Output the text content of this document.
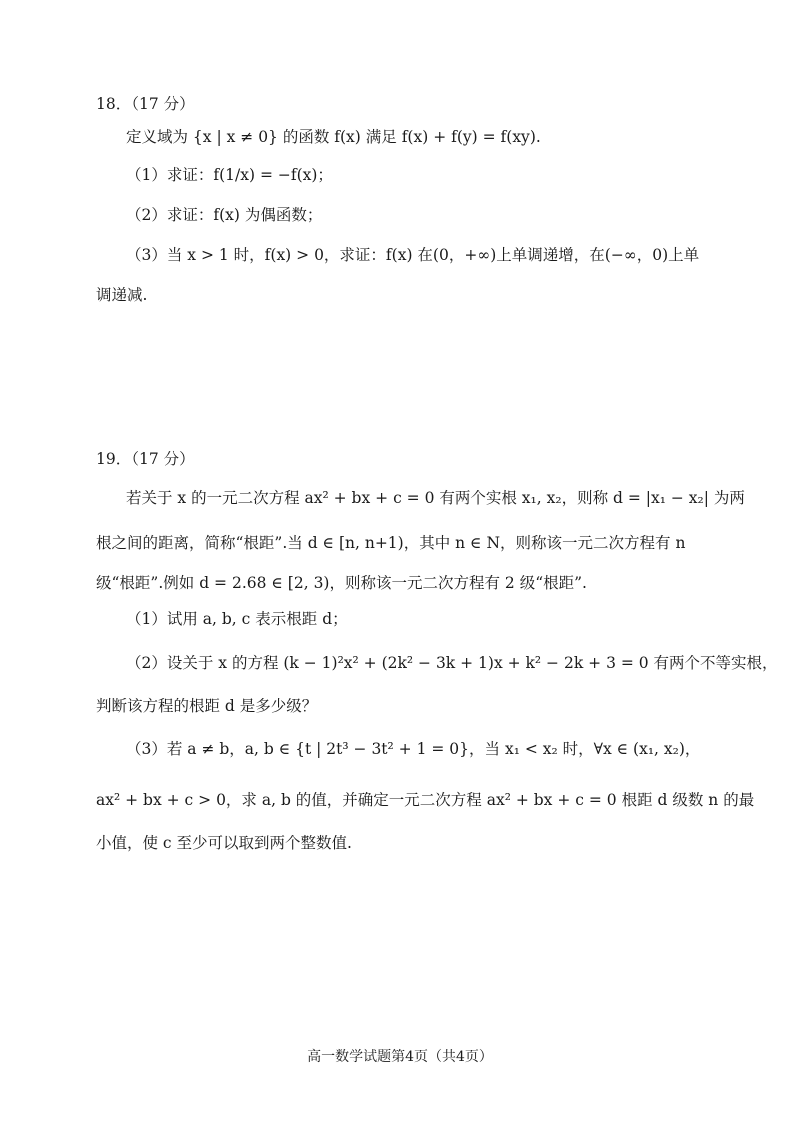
18．（17 分）
定义域为 {x | x ≠ 0} 的函数 f(x) 满足 f(x) + f(y) = f(xy).
（1）求证：f(1/x) = −f(x)；
（2）求证：f(x) 为偶函数；
（3）当 x > 1 时，f(x) > 0，求证：f(x) 在(0，+∞)上单调递增，在(−∞，0)上单
调递减.
19．（17 分）
若关于 x 的一元二次方程 ax² + bx + c = 0 有两个实根 x₁, x₂，则称 d = |x₁ − x₂| 为两
根之间的距离，简称“根距”.当 d ∈ [n, n+1)，其中 n ∈ N，则称该一元二次方程有 n
级“根距”.例如 d = 2.68 ∈ [2, 3)，则称该一元二次方程有 2 级“根距”.
（1）试用 a, b, c 表示根距 d；
（2）设关于 x 的方程 (k − 1)²x² + (2k² − 3k + 1)x + k² − 2k + 3 = 0 有两个不等实根，
判断该方程的根距 d 是多少级？
（3）若 a ≠ b，a, b ∈ {t | 2t³ − 3t² + 1 = 0}，当 x₁ < x₂ 时，∀x ∈ (x₁, x₂)，
ax² + bx + c > 0，求 a, b 的值，并确定一元二次方程 ax² + bx + c = 0 根距 d 级数 n 的最
小值，使 c 至少可以取到两个整数值.
高一数学试题第4页（共4页）
